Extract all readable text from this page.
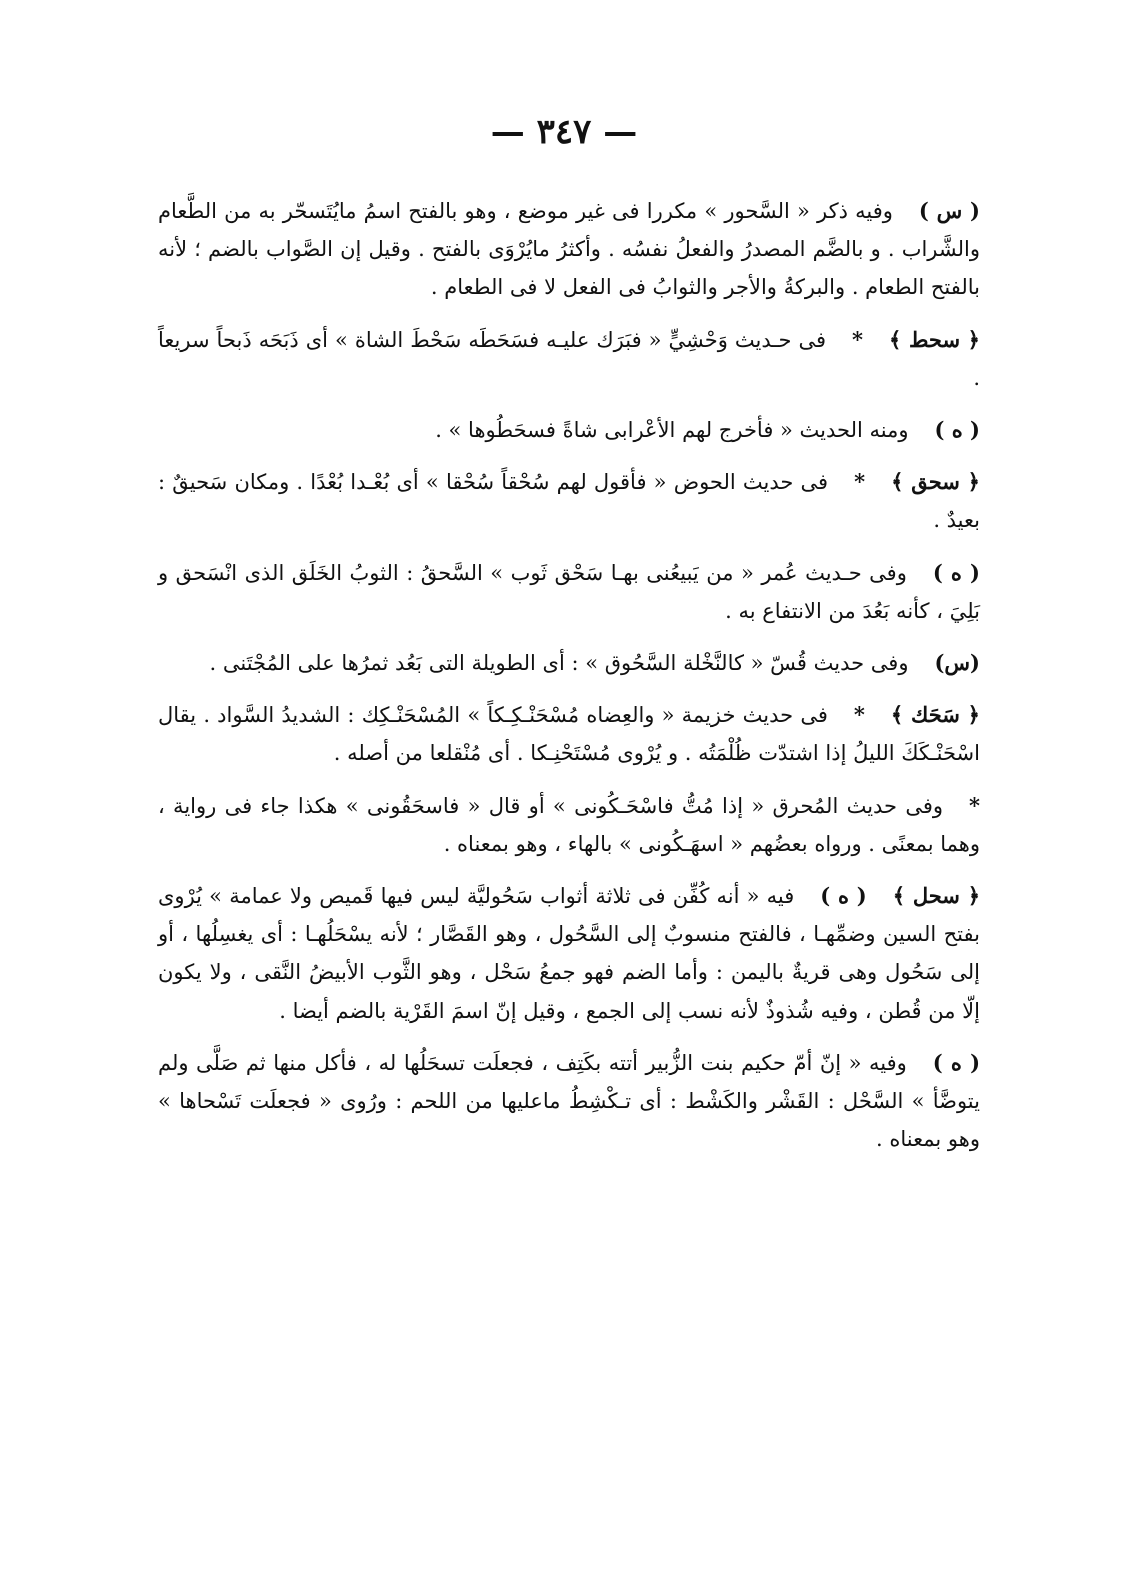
— ٣٤٧ —

( س )وفيه ذكر « السَّحور » مكررا فى غير موضع ، وهو بالفتح اسمُ مايُتَسحّر به من الطَّعام والشَّراب . و بالضَّم المصدرُ والفعلُ نفسُه . وأكثرُ مايُرْوَى بالفتح . وقيل إن الصَّواب بالضم ؛ لأنه بالفتح الطعام . والبركةُ والأجر والثوابُ فى الفعل لا فى الطعام .

﴿ سحط ﴾*فى حـديث وَحْشِيٍّ « فبَرَك عليـه فسَحَطَه سَحْطَ الشاة » أى ذَبَحَه ذَبحاً سريعاً .

( ه )ومنه الحديث « فأخرج لهم الأعْرابى شاةً فسحَطُوها » .

﴿ سحق ﴾*فى حديث الحوض « فأقول لهم سُحْقاً سُحْقا » أى بُعْـدا بُعْدًا . ومكان سَحيقٌ : بعيدٌ .

( ه )وفى حـديث عُمر « من يَبيعُنى بهـا سَحْق ثَوب » السَّحقُ : الثوبُ الخَلَق الذى انْسَحق و بَلِيَ ، كأنه بَعُدَ من الانتفاع به .

(س)وفى حديث قُسّ « كالنَّخْلة السَّحُوق » : أى الطويلة التى بَعُد ثمرُها على المُجْتَنى .

﴿ سَحَك ﴾*فى حديث خزيمة « والعِضاه مُسْحَنْـكِـكاً » المُسْحَنْـكِك : الشديدُ السَّواد . يقال اسْحَنْـكَكَ الليلُ إذا اشتدّت ظُلْمَتُه . و يُرْوى مُسْتَحْنِـكا . أى مُنْقلعا من أصله .

*وفى حديث المُحرق « إذا مُتُّ فاسْحَـكُونى » أو قال « فاسحَقُونى » هكذا جاء فى رواية ، وهما بمعنًى . ورواه بعضُهم « اسهَـكُونى » بالهاء ، وهو بمعناه .

﴿ سحل ﴾( ه )فيه « أنه كُفِّن فى ثلاثة أثواب سَحُوليَّة ليس فيها قَميص ولا عمامة » يُرْوى بفتح السين وضمِّهـا ، فالفتح منسوبٌ إلى السَّحُول ، وهو القَصَّار ؛ لأنه يسْحَلُهـا : أى يغسِلُها ، أو إلى سَحُول وهى قريةٌ باليمن : وأما الضم فهو جمعُ سَحْل ، وهو الثَّوب الأبيضُ النَّقى ، ولا يكون إلّا من قُطن ، وفيه شُذوذٌ لأنه نسب إلى الجمع ، وقيل إنّ اسمَ القَرْية بالضم أيضا .

( ه )وفيه « إنّ أمّ حكيم بنت الزُّبير أتته بكَتِف ، فجعلَت تسحَلُها له ، فأكل منها ثم صَلَّى ولم يتوضَّأ » السَّحْل : القَشْر والكَشْط : أى تـكْشِطُ ماعليها من اللحم : ورُوى « فجعلَت تَسْحاها » وهو بمعناه .
